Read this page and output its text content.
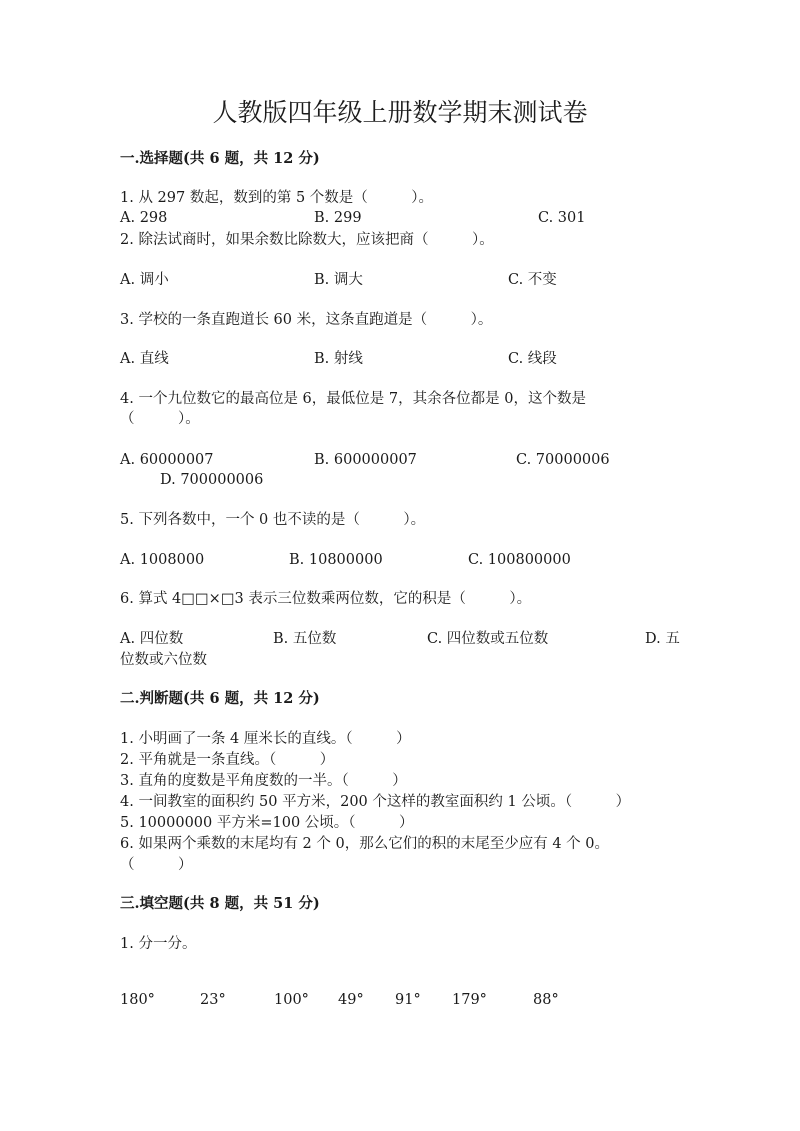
人教版四年级上册数学期末测试卷
一.选择题(共 6 题，共 12 分)
1. 从 297 数起，数到的第 5 个数是（　　　）。
A. 298	B. 299	C. 301
2. 除法试商时，如果余数比除数大，应该把商（　　　）。
A. 调小	B. 调大	C. 不变
3. 学校的一条直跑道长 60 米，这条直跑道是（　　　）。
A. 直线	B. 射线	C. 线段
4. 一个九位数它的最高位是 6，最低位是 7，其余各位都是 0，这个数是
（　　　）。
A. 60000007	B. 600000007	C. 70000006
D. 700000006
5. 下列各数中，一个 0 也不读的是（　　　）。
A. 1008000	B. 10800000	C. 100800000
6. 算式 4□□×□3 表示三位数乘两位数，它的积是（　　　）。
A. 四位数	B. 五位数	C. 四位数或五位数	D. 五
位数或六位数
二.判断题(共 6 题，共 12 分)
1. 小明画了一条 4 厘米长的直线。（　　　）
2. 平角就是一条直线。（　　　）
3. 直角的度数是平角度数的一半。（　　　）
4. 一间教室的面积约 50 平方米，200 个这样的教室面积约 1 公顷。（　　　）
5. 10000000 平方米=100 公顷。（　　　）
6. 如果两个乘数的末尾均有 2 个 0，那么它们的积的末尾至少应有 4 个 0。
（　　　）
三.填空题(共 8 题，共 51 分)
1. 分一分。
180°	23°	100° 49° 91° 179°	88°
